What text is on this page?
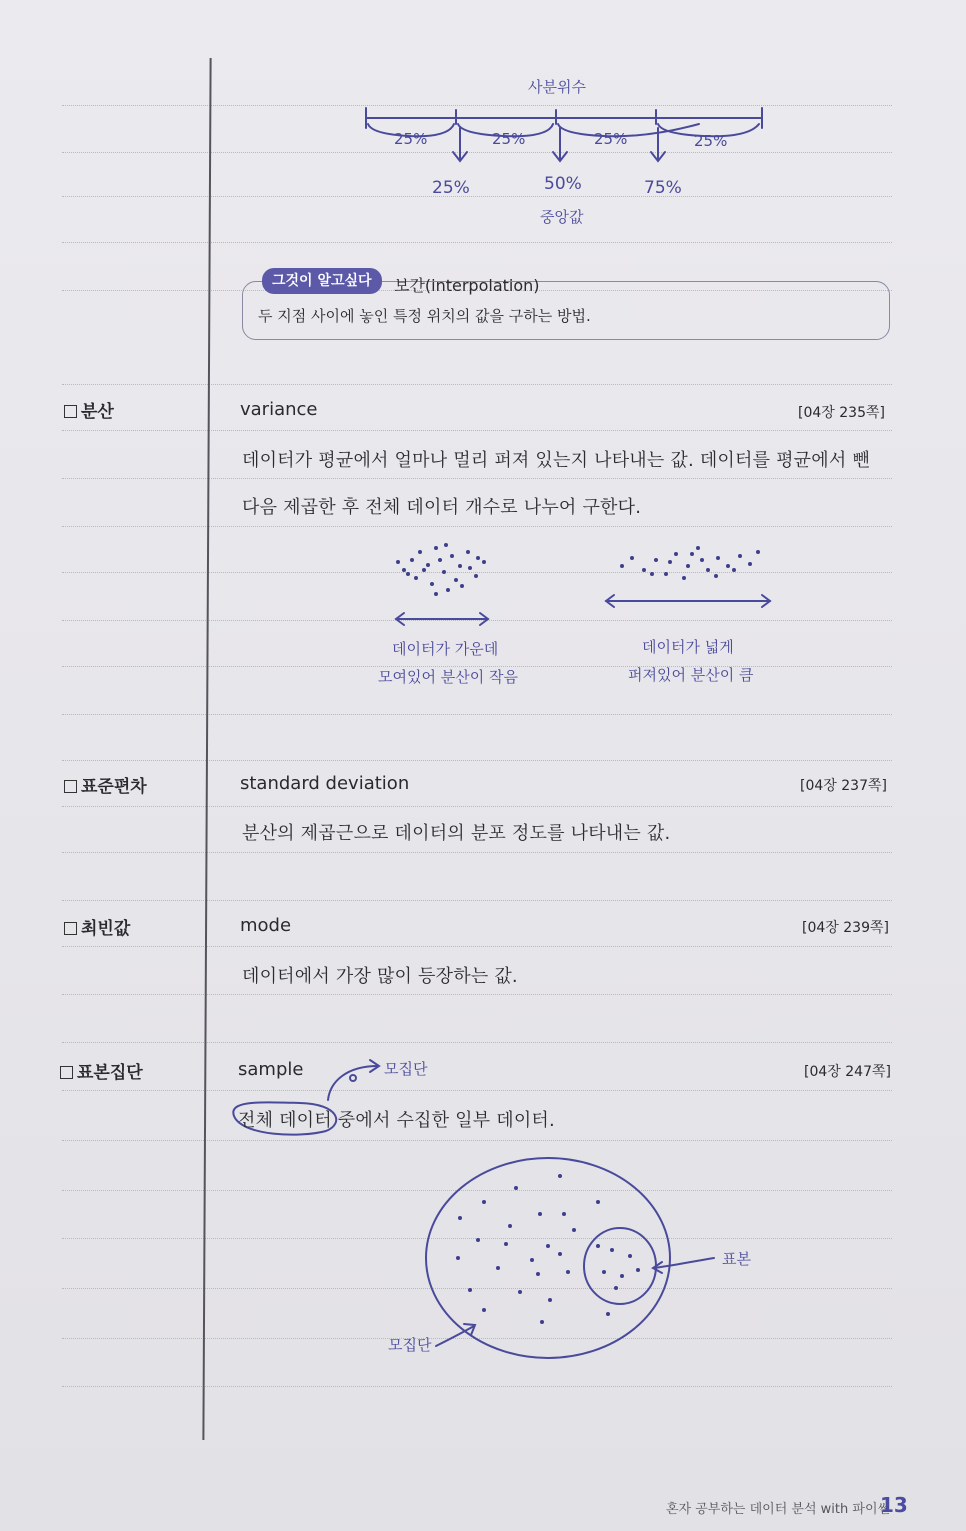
사분위수
25%	25%	25%	25%
25%	50%	75%
중앙값
그것이 알고싶다	보간(interpolation)
두 지점 사이에 놓인 특정 위치의 값을 구하는 방법.
분산	variance	[04장 235쪽]
데이터가 평균에서 얼마나 멀리 퍼져 있는지 나타내는 값. 데이터를 평균에서 뺀
다음 제곱한 후 전체 데이터 개수로 나누어 구한다.
데이터가 가운데
모여있어 분산이 작음
데이터가 넓게
퍼져있어 분산이 큼
표준편차	standard deviation	[04장 237쪽]
분산의 제곱근으로 데이터의 분포 정도를 나타내는 값.
최빈값	mode	[04장 239쪽]
데이터에서 가장 많이 등장하는 값.
표본집단	sample	[04장 247쪽]
전체 데이터 중에서 수집한 일부 데이터.
모집단
표본
모집단
혼자 공부하는 데이터 분석 with 파이썬
13
